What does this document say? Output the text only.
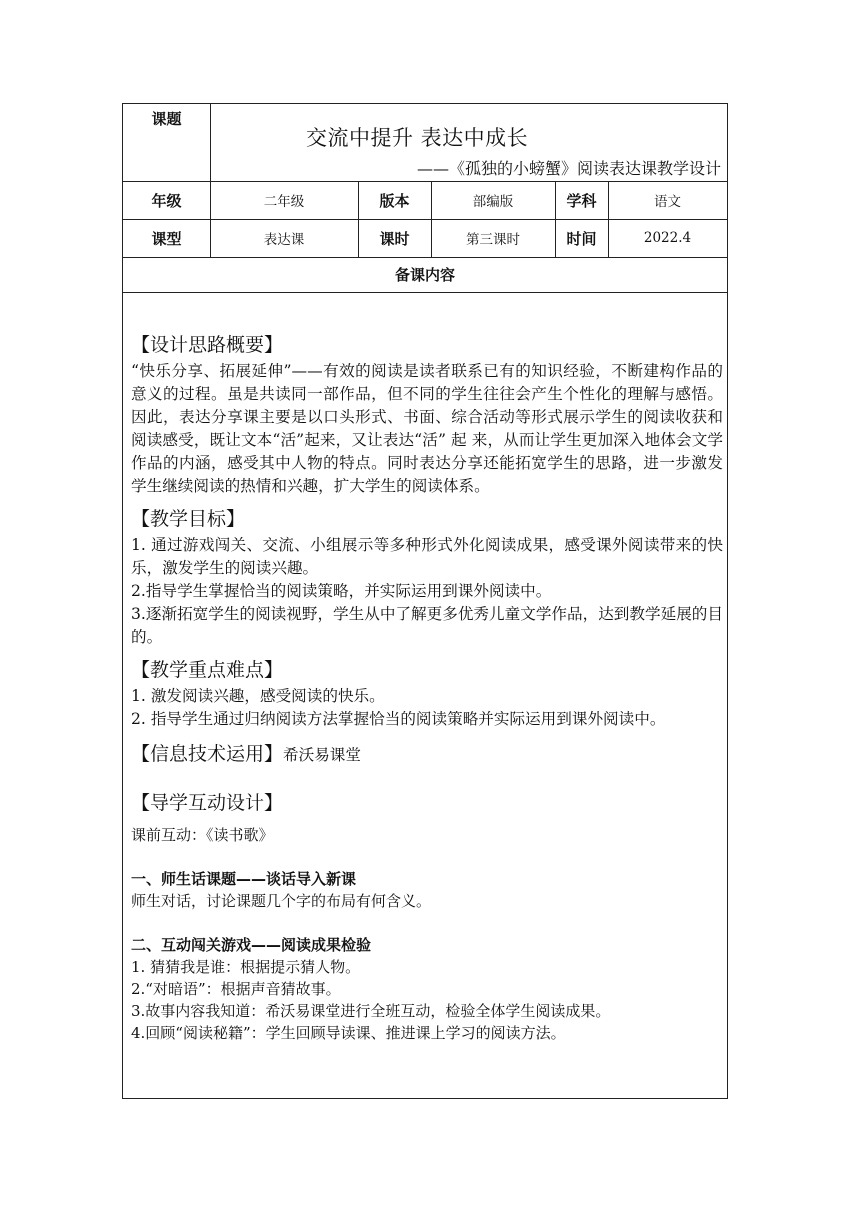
课题
交流中提升 表达中成长
——《孤独的小螃蟹》阅读表达课教学设计
年级	二年级	版本	部编版	学科	语文
课型	表达课	课时	第三课时	时间	2022.4
备课内容
【设计思路概要】
“快乐分享、拓展延伸”——有效的阅读是读者联系已有的知识经验，不断建构作品的意义的过程。虽是共读同一部作品，但不同的学生往往会产生个性化的理解与感悟。因此，表达分享课主要是以口头形式、书面、综合活动等形式展示学生的阅读收获和阅读感受，既让文本“活”起来，又让表达“活” 起 来，从而让学生更加深入地体会文学作品的内涵，感受其中人物的特点。同时表达分享还能拓宽学生的思路，进一步激发学生继续阅读的热情和兴趣，扩大学生的阅读体系。
【教学目标】
1. 通过游戏闯关、交流、小组展示等多种形式外化阅读成果，感受课外阅读带来的快乐，激发学生的阅读兴趣。
2.指导学生掌握恰当的阅读策略，并实际运用到课外阅读中。
3.逐渐拓宽学生的阅读视野，学生从中了解更多优秀儿童文学作品，达到教学延展的目的。
【教学重点难点】
1. 激发阅读兴趣，感受阅读的快乐。
2. 指导学生通过归纳阅读方法掌握恰当的阅读策略并实际运用到课外阅读中。
【信息技术运用】希沃易课堂
【导学互动设计】
课前互动：《读书歌》
一、师生话课题——谈话导入新课
师生对话，讨论课题几个字的布局有何含义。
二、互动闯关游戏——阅读成果检验
1. 猜猜我是谁：根据提示猜人物。
2.“对暗语”：根据声音猜故事。
3.故事内容我知道：希沃易课堂进行全班互动，检验全体学生阅读成果。
4.回顾“阅读秘籍”：学生回顾导读课、推进课上学习的阅读方法。
